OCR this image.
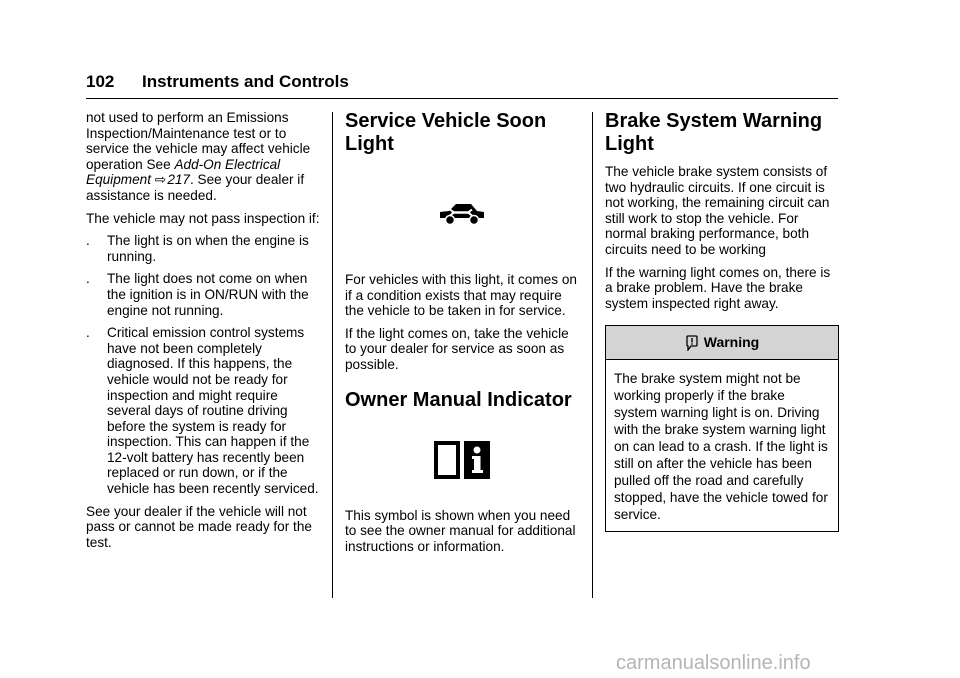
102 Instruments and Controls

not used to perform an Emissions Inspection/Maintenance test or to service the vehicle may affect vehicle operation See Add-On Electrical Equipment ⇨ 217. See your dealer if assistance is needed.

The vehicle may not pass inspection if:

. The light is on when the engine is running.
. The light does not come on when the ignition is in ON/RUN with the engine not running.
. Critical emission control systems have not been completely diagnosed. If this happens, the vehicle would not be ready for inspection and might require several days of routine driving before the system is ready for inspection. This can happen if the 12-volt battery has recently been replaced or run down, or if the vehicle has been recently serviced.

See your dealer if the vehicle will not pass or cannot be made ready for the test.

Service Vehicle Soon Light

For vehicles with this light, it comes on if a condition exists that may require the vehicle to be taken in for service.

If the light comes on, take the vehicle to your dealer for service as soon as possible.

Owner Manual Indicator

This symbol is shown when you need to see the owner manual for additional instructions or information.

Brake System Warning Light

The vehicle brake system consists of two hydraulic circuits. If one circuit is not working, the remaining circuit can still work to stop the vehicle. For normal braking performance, both circuits need to be working

If the warning light comes on, there is a brake problem. Have the brake system inspected right away.

Warning
The brake system might not be working properly if the brake system warning light is on. Driving with the brake system warning light on can lead to a crash. If the light is still on after the vehicle has been pulled off the road and carefully stopped, have the vehicle towed for service.
carmanualsonline.info
